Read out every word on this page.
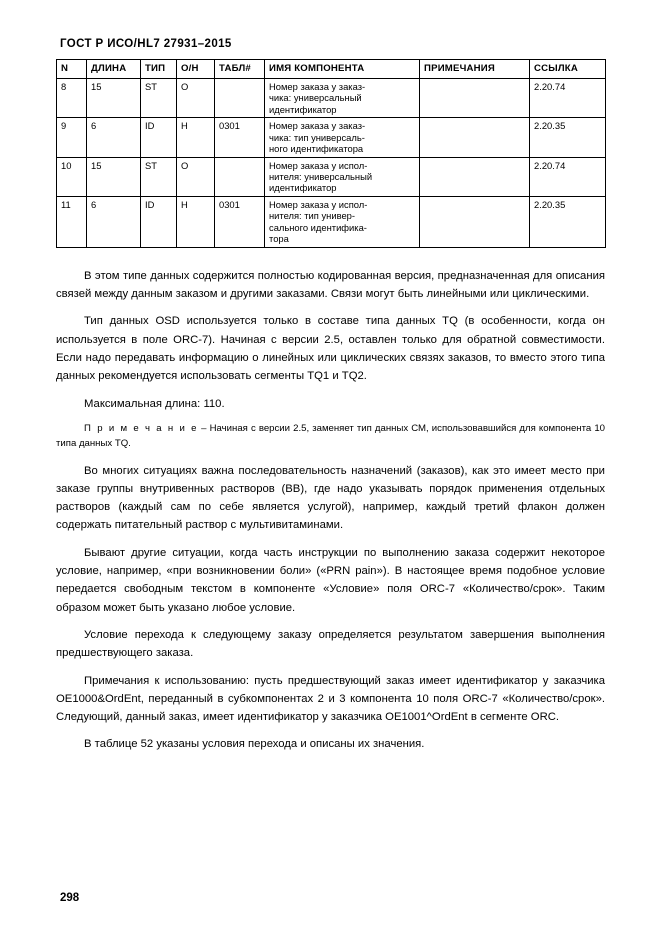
ГОСТ Р ИСО/HL7 27931–2015
N	ДЛИНА	ТИП	O/H	ТАБЛ#	ИМЯ КОМПОНЕНТА	ПРИМЕЧАНИЯ	ССЫЛКА
8	15	ST	O		Номер заказа у заказ-
чика: универсальный
идентификатор		2.20.74
9	6	ID	H	0301	Номер заказа у заказ-
чика: тип универсаль-
ного идентификатора		2.20.35
10	15	ST	O		Номер заказа у испол-
нителя: универсальный
идентификатор		2.20.74
11	6	ID	H	0301	Номер заказа у испол-
нителя: тип универ-
сального идентифика-
тора		2.20.35

В этом типе данных содержится полностью кодированная версия, предназначенная для описания связей между данным заказом и другими заказами. Связи могут быть линейными или циклическими.

Тип данных OSD используется только в составе типа данных TQ (в особенности, когда он используется в поле ORC-7). Начиная с версии 2.5, оставлен только для обратной совместимости. Если надо передавать информацию о линейных или циклических связях заказов, то вместо этого типа данных рекомендуется использовать сегменты TQ1 и TQ2.

Максимальная длина: 110.

П р и м е ч а н и е – Начиная с версии 2.5, заменяет тип данных СМ, использовавшийся для компонента 10 типа данных TQ.

Во многих ситуациях важна последовательность назначений (заказов), как это имеет место при заказе группы внутривенных растворов (ВВ), где надо указывать порядок применения отдельных растворов (каждый сам по себе является услугой), например, каждый третий флакон должен содержать питательный раствор с мультивитаминами.

Бывают другие ситуации, когда часть инструкции по выполнению заказа содержит некоторое условие, например, «при возникновении боли» («PRN pain»). В настоящее время подобное условие передается свободным текстом в компоненте «Условие» поля ORC-7 «Количество/срок». Таким образом может быть указано любое условие.

Условие перехода к следующему заказу определяется результатом завершения выполнения предшествующего заказа.

Примечания к использованию: пусть предшествующий заказ имеет идентификатор у заказчика OE1000&OrdEnt, переданный в субкомпонентах 2 и 3 компонента 10 поля ORC-7 «Количество/срок». Следующий, данный заказ, имеет идентификатор у заказчика OE1001^OrdEnt в сегменте ORC.

В таблице 52 указаны условия перехода и описаны их значения.

298
